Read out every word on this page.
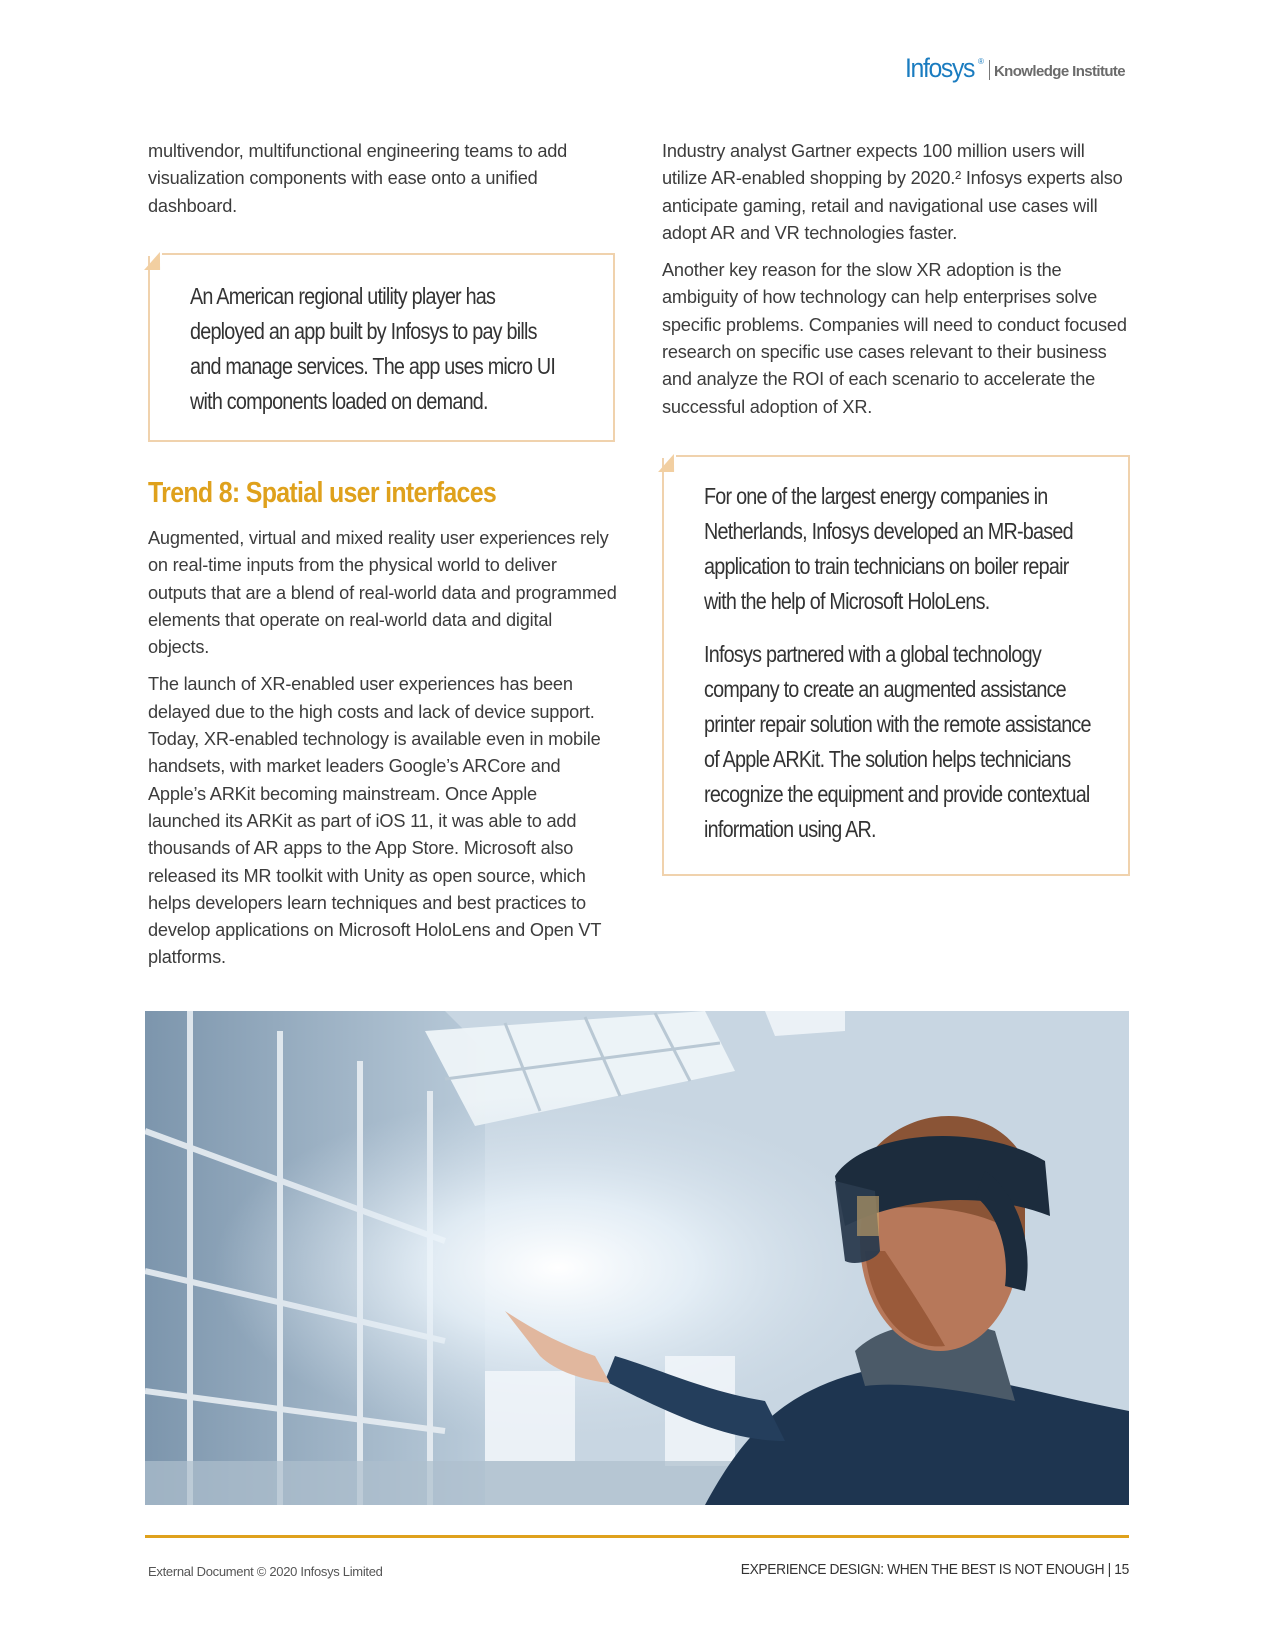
Infosys ®
Knowledge Institute

multivendor, multifunctional engineering teams to add visualization components with ease onto a unified dashboard.

An American regional utility player has deployed an app built by Infosys to pay bills and manage services. The app uses micro UI with components loaded on demand.

Trend 8: Spatial user interfaces

Augmented, virtual and mixed reality user experiences rely on real-time inputs from the physical world to deliver outputs that are a blend of real-world data and programmed elements that operate on real-world data and digital objects.

The launch of XR-enabled user experiences has been delayed due to the high costs and lack of device support. Today, XR-enabled technology is available even in mobile handsets, with market leaders Google’s ARCore and Apple’s ARKit becoming mainstream. Once Apple launched its ARKit as part of iOS 11, it was able to add thousands of AR apps to the App Store. Microsoft also released its MR toolkit with Unity as open source, which helps developers learn techniques and best practices to develop applications on Microsoft HoloLens and Open VT platforms.

Industry analyst Gartner expects 100 million users will utilize AR-enabled shopping by 2020.² Infosys experts also anticipate gaming, retail and navigational use cases will adopt AR and VR technologies faster.

Another key reason for the slow XR adoption is the ambiguity of how technology can help enterprises solve specific problems. Companies will need to conduct focused research on specific use cases relevant to their business and analyze the ROI of each scenario to accelerate the successful adoption of XR.

For one of the largest energy companies in Netherlands, Infosys developed an MR-based application to train technicians on boiler repair with the help of Microsoft HoloLens.

Infosys partnered with a global technology company to create an augmented assistance printer repair solution with the remote assistance of Apple ARKit. The solution helps technicians recognize the equipment and provide contextual information using AR.

External Document © 2020 Infosys Limited	EXPERIENCE DESIGN: WHEN THE BEST IS NOT ENOUGH | 15
